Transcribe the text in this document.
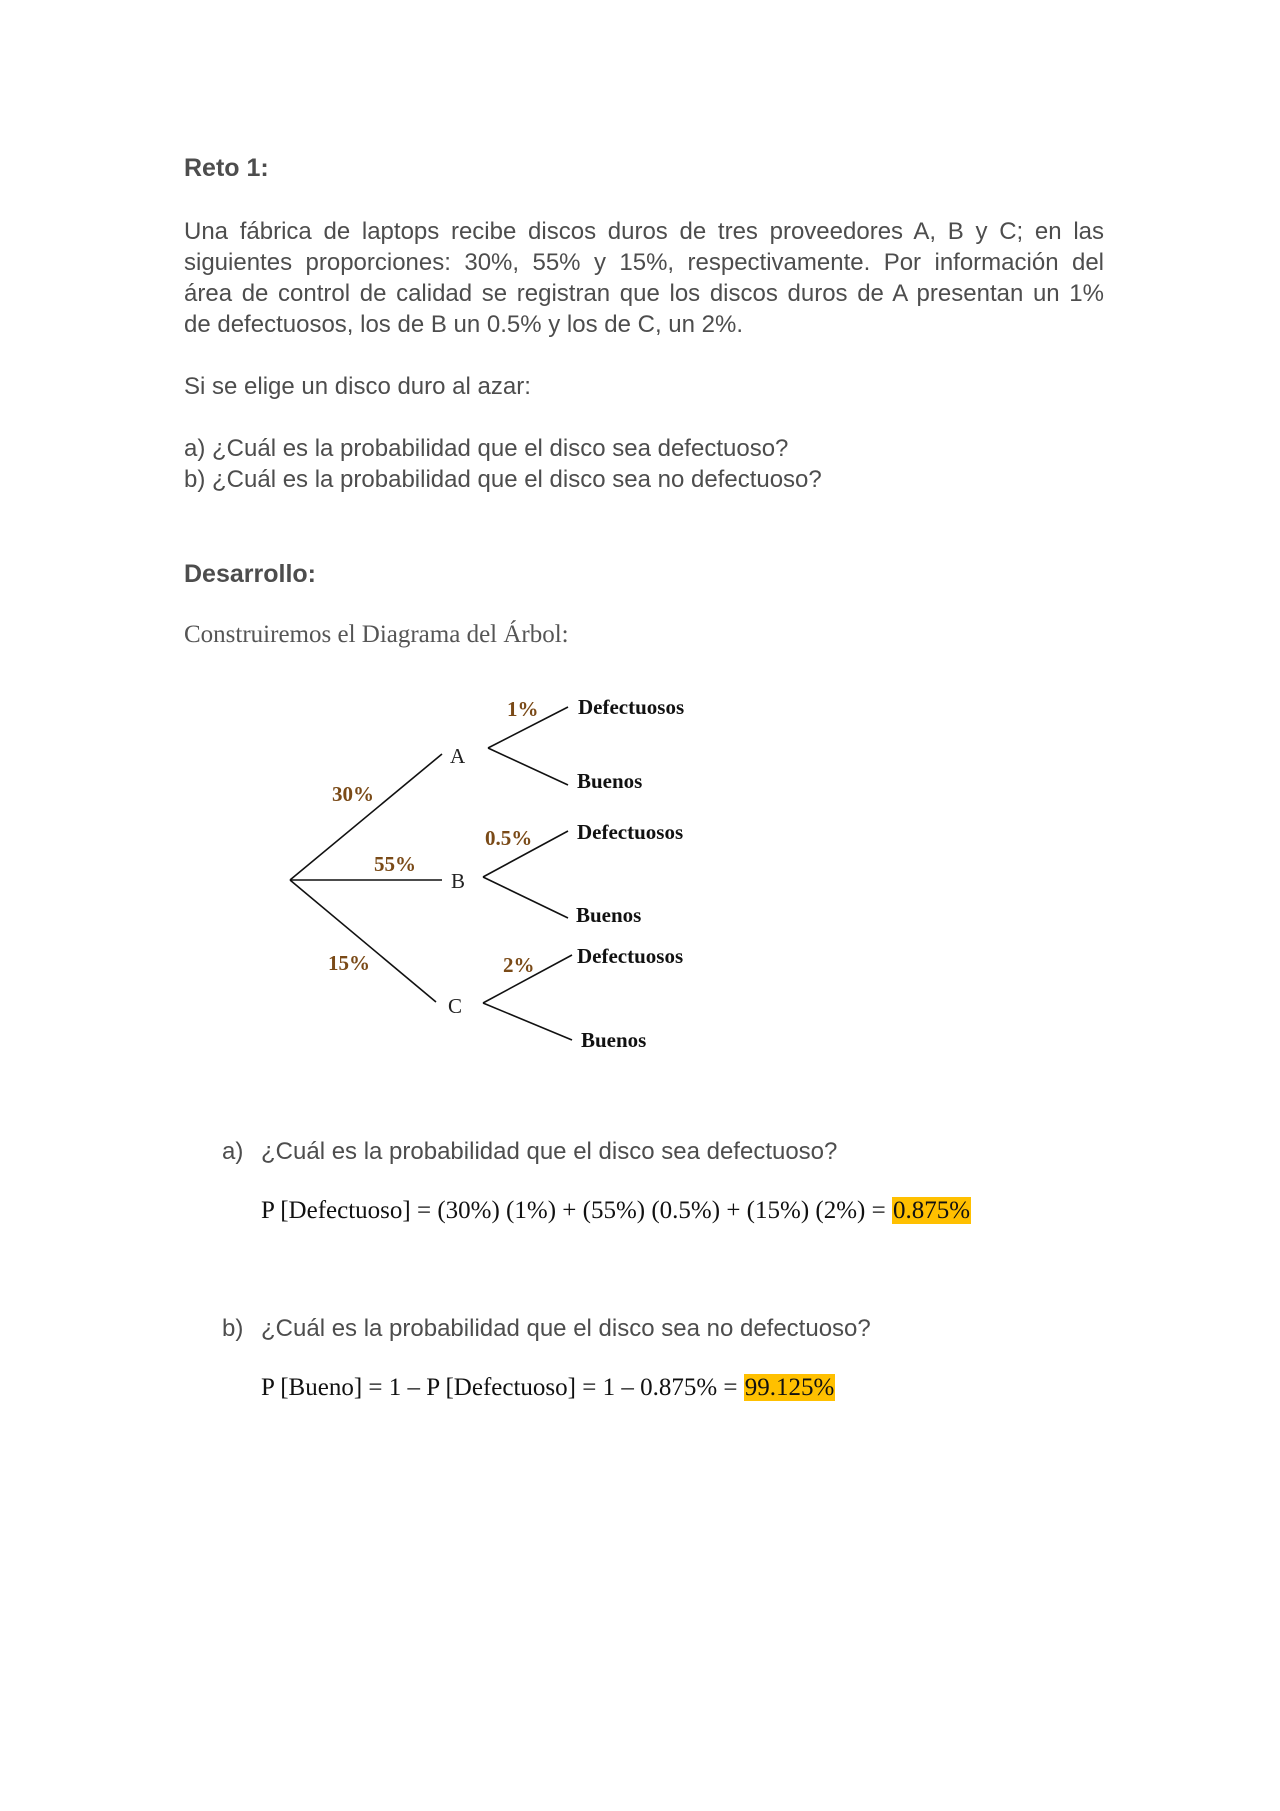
Reto 1:
Una fábrica de laptops recibe discos duros de tres proveedores A, B y C; en las
siguientes proporciones: 30%, 55% y 15%, respectivamente. Por información del
área de control de calidad se registran que los discos duros de A presentan un 1%
de defectuosos, los de B un 0.5% y los de C, un 2%.
Si se elige un disco duro al azar:
a) ¿Cuál es la probabilidad que el disco sea defectuoso?
b) ¿Cuál es la probabilidad que el disco sea no defectuoso?
Desarrollo:
Construiremos el Diagrama del Árbol:
30%
55%
15%
A
B
C
1%
0.5%
2%
Defectuosos
Buenos
Defectuosos
Buenos
Defectuosos
Buenos
a) ¿Cuál es la probabilidad que el disco sea defectuoso?
P [Defectuoso] = (30%) (1%) + (55%) (0.5%) + (15%) (2%) = 0.875%
b) ¿Cuál es la probabilidad que el disco sea no defectuoso?
P [Bueno] = 1 – P [Defectuoso] = 1 – 0.875% = 99.125%
